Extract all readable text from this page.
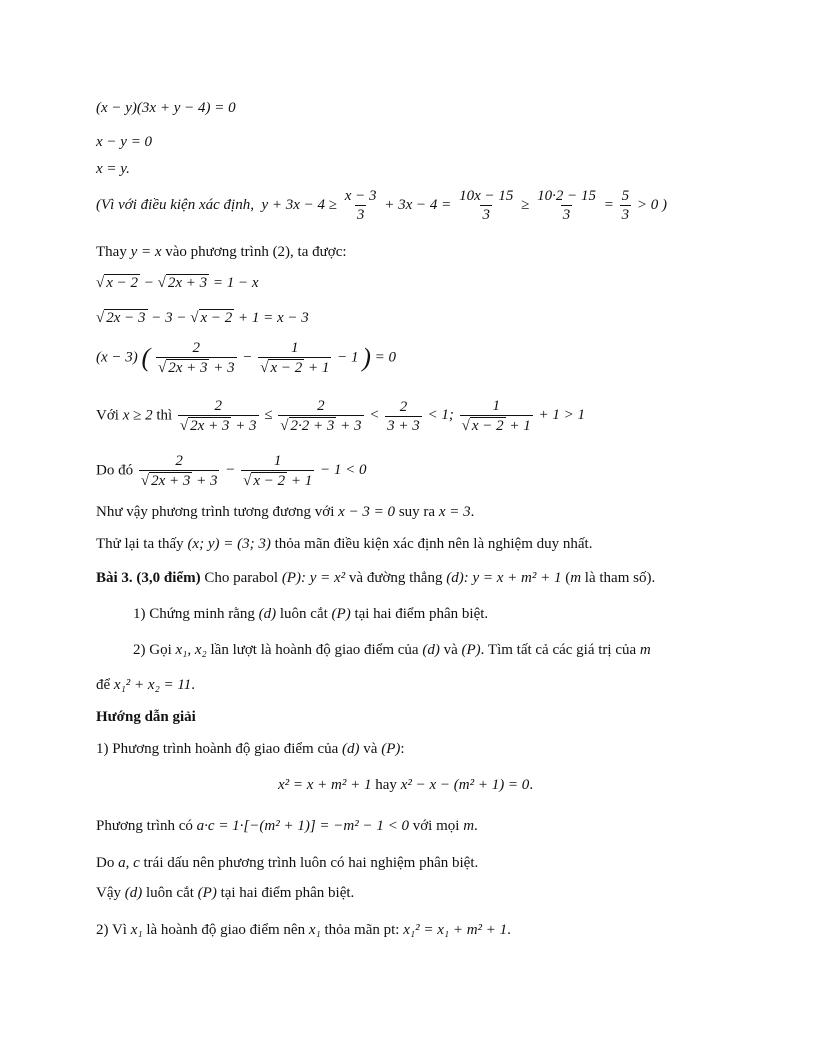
(x − y)(3x + y − 4) = 0
x − y = 0
x = y.
(Vì với điều kiện xác định, $y + 3x - 4 \ge \frac{x - 3}{3} + 3x - 4 = \frac{10x - 15}{3} \ge \frac{10\cdot 2 - 15}{3} = \frac{5}{3} > 0$ )
Thay y = x vào phương trình (2), ta được:
√ x − 2 − √ 2x + 3 = 1 − x
√ 2x − 3 − 3 − √ x − 2 + 1 = x − 3
(x − 3) ( $\frac{2}{√ 2x + 3 + 3} - \frac{1}{√ x - 2 + 1} - 1$ ) = 0
Với x ≥ 2 thì $\frac{2}{√ 2x + 3 + 3} \le \frac{2}{√ 2\cdot 2 + 3 + 3} < \frac{2}{3 + 3} < 1$; $\frac{1}{√ x - 2 + 1} + 1 > 1$
Do đó $\frac{2}{√ 2x + 3 + 3} - \frac{1}{√ x - 2 + 1} - 1 < 0$
Như vậy phương trình tương đương với x − 3 = 0 suy ra x = 3.
Thử lại ta thấy (x; y) = (3; 3) thỏa mãn điều kiện xác định nên là nghiệm duy nhất.
Bài 3. (3,0 điểm) Cho parabol (P): y = x² và đường thẳng (d): y = x + m² + 1 (m là tham số).
1) Chứng minh rằng (d) luôn cắt (P) tại hai điểm phân biệt.
2) Gọi x₁, x₂ lần lượt là hoành độ giao điểm của (d) và (P). Tìm tất cả các giá trị của m
để x₁² + x₂ = 11.
Hướng dẫn giải
1) Phương trình hoành độ giao điểm của (d) và (P):
x² = x + m² + 1 hay x² − x − (m² + 1) = 0.
Phương trình có a·c = 1·[−(m² + 1)] = −m² − 1 < 0 với mọi m.
Do a, c trái dấu nên phương trình luôn có hai nghiệm phân biệt.
Vậy (d) luôn cắt (P) tại hai điểm phân biệt.
2) Vì x₁ là hoành độ giao điểm nên x₁ thỏa mãn pt: x₁² = x₁ + m² + 1.
